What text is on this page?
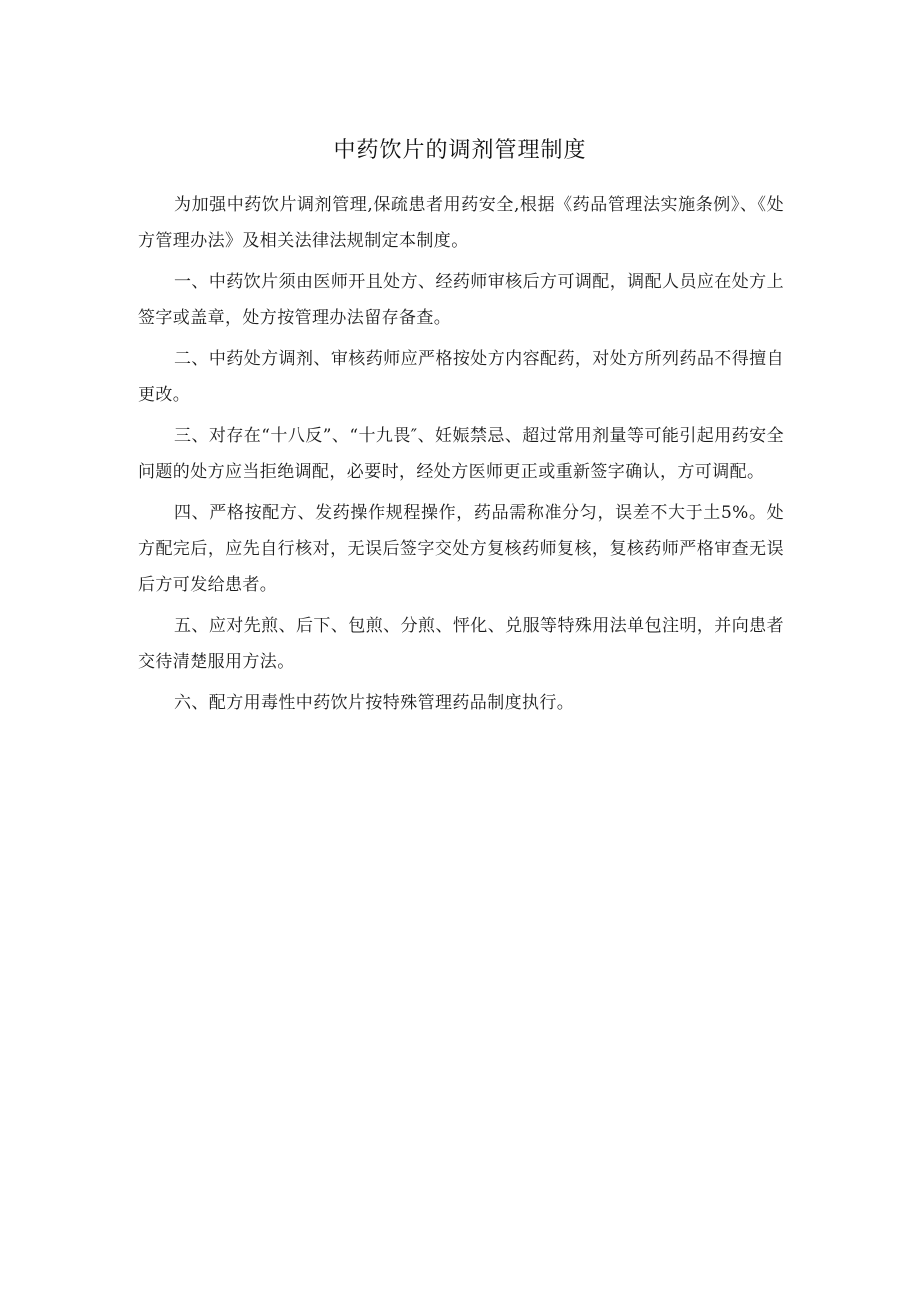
中药饮片的调剂管理制度

为加强中药饮片调剂管理,保疏患者用药安全,根据《药品管理法实施条例》、《处方管理办法》及相关法律法规制定本制度。

一、中药饮片须由医师开且处方、经药师审核后方可调配，调配人员应在处方上签字或盖章，处方按管理办法留存备查。

二、中药处方调剂、审核药师应严格按处方内容配药，对处方所列药品不得擅自更改。

三、对存在“十八反”、“十九畏″、妊娠禁忌、超过常用剂量等可能引起用药安全问题的处方应当拒绝调配，必要时，经处方医师更正或重新签字确认，方可调配。

四、严格按配方、发药操作规程操作，药品需称准分匀，误差不大于土5%。处方配完后，应先自行核对，无误后签字交处方复核药师复核，复核药师严格审查无误后方可发给患者。

五、应对先煎、后下、包煎、分煎、怦化、兑服等特殊用法单包注明，并向患者交待清楚服用方法。

六、配方用毒性中药饮片按特殊管理药品制度执行。
